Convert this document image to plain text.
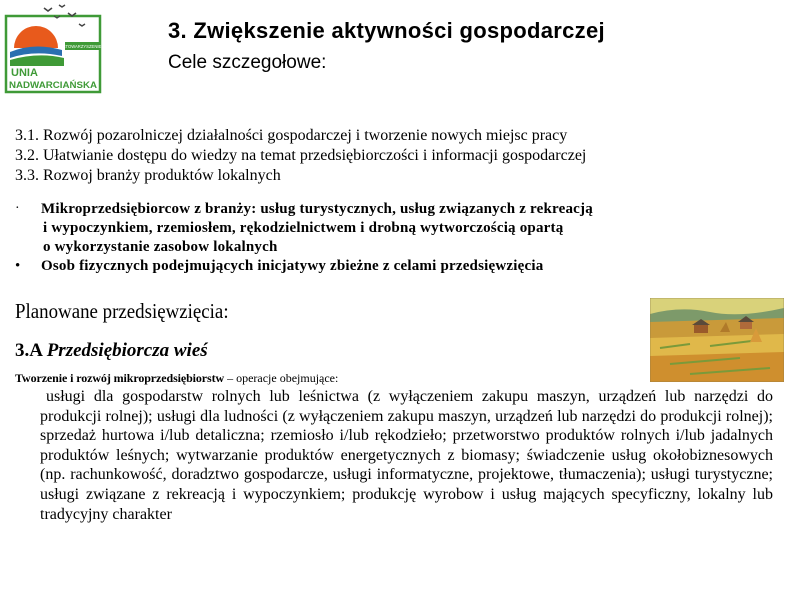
STOWARZYSZENIE
UNIA
NADWARCIAŃSKA
3. Zwiększenie aktywności gospodarczej
Cele szczegołowe:
3.1. Rozwój pozarolniczej działalności gospodarczej i tworzenie nowych miejsc pracy
3.2. Ułatwianie dostępu do wiedzy na temat przedsiębiorczości i informacji gospodarczej
3.3. Rozwoj branży produktów lokalnych
·	Mikroprzedsiębiorcow z branży: usług turystycznych, usług związanych z rekreacją
i wypoczynkiem, rzemiosłem, rękodzielnictwem i drobną wytworczością opartą
o wykorzystanie zasobow lokalnych
•	Osob fizycznych podejmujących inicjatywy zbieżne z celami przedsięwzięcia
Planowane przedsięwzięcia:
3.A Przedsiębiorcza wieś
Tworzenie i rozwój mikroprzedsiębiorstw – operacje obejmujące:
usługi dla gospodarstw rolnych lub leśnictwa (z wyłączeniem zakupu maszyn, urządzeń lub narzędzi do produkcji rolnej); usługi dla ludności (z wyłączeniem zakupu maszyn, urządzeń lub narzędzi do produkcji rolnej); sprzedaż hurtowa i/lub detaliczna; rzemiosło i/lub rękodzieło; przetworstwo produktów rolnych i/lub jadalnych produktów leśnych; wytwarzanie produktów energetycznych z biomasy; świadczenie usług okołobiznesowych (np. rachunkowość, doradztwo gospodarcze, usługi informatyczne, projektowe, tłumaczenia); usługi turystyczne; usługi związane z rekreacją i wypoczynkiem; produkcję wyrobow i usług mających specyficzny, lokalny lub tradycyjny charakter
